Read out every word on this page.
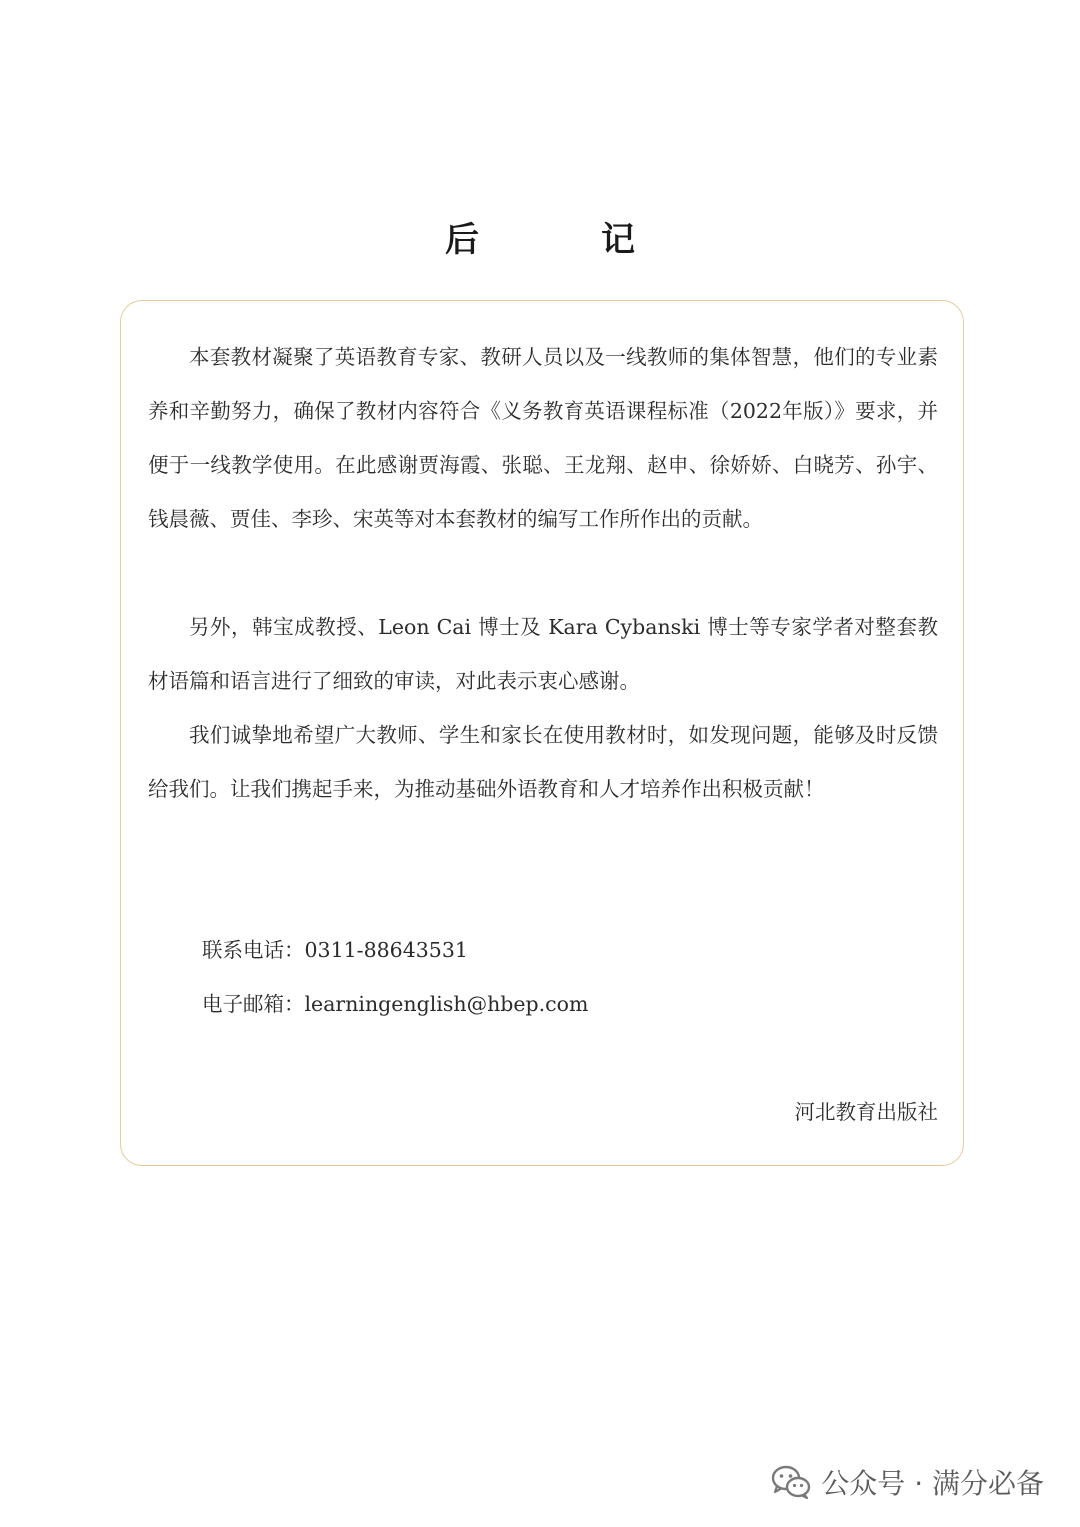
后　记

本套教材凝聚了英语教育专家、教研人员以及一线教师的集体智慧，他们的专业素养和辛勤努力，确保了教材内容符合《义务教育英语课程标准（2022年版）》要求，并便于一线教学使用。在此感谢贾海霞、张聪、王龙翔、赵申、徐娇娇、白晓芳、孙宇、钱晨薇、贾佳、李珍、宋英等对本套教材的编写工作所作出的贡献。

另外，韩宝成教授、Leon Cai 博士及 Kara Cybanski 博士等专家学者对整套教材语篇和语言进行了细致的审读，对此表示衷心感谢。

我们诚挚地希望广大教师、学生和家长在使用教材时，如发现问题，能够及时反馈给我们。让我们携起手来，为推动基础外语教育和人才培养作出积极贡献！

联系电话：0311-88643531
电子邮箱：learningenglish@hbep.com
河北教育出版社
公众号 · 满分必备
